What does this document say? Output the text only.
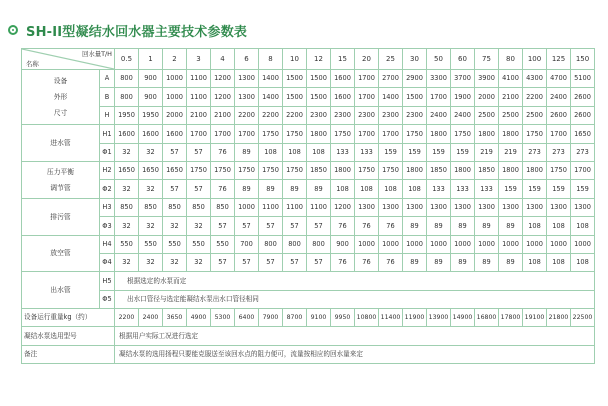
SH-II型凝结水回水器主要技术参数表
回水量T/H
名称		0.5	1	2	3	4	6	8	10	12	15	20	25	30	50	60	75	80	100	125	150

设备
外形
尺寸	A	800	900	1000	1100	1200	1300	1400	1500	1500	1600	1700	2700	2900	3300	3700	3900	4100	4300	4700	5100
	B	800	900	1000	1100	1200	1300	1400	1500	1500	1600	1700	1400	1500	1700	1900	2000	2100	2200	2400	2600
	H	1950	1950	2000	2100	2100	2200	2200	2200	2300	2300	2300	2300	2300	2400	2400	2500	2500	2500	2600	2600

进水管	H1	1600	1600	1600	1700	1700	1700	1750	1750	1800	1750	1700	1700	1750	1800	1750	1800	1800	1750	1700	1650
	Φ1	32	32	57	57	76	89	108	108	108	133	133	159	159	159	159	219	219	273	273	273

压力平衡
调节管	H2	1650	1650	1650	1750	1750	1750	1750	1750	1850	1800	1750	1750	1800	1850	1800	1850	1800	1800	1750	1700
	Φ2	32	32	57	57	76	89	89	89	89	108	108	108	108	133	133	133	159	159	159	159

排污管	H3	850	850	850	850	850	1000	1100	1100	1100	1200	1300	1300	1300	1300	1300	1300	1300	1300	1300	1300
	Φ3	32	32	32	32	57	57	57	57	57	76	76	76	89	89	89	89	89	108	108	108

放空管	H4	550	550	550	550	550	700	800	800	800	900	1000	1000	1000	1000	1000	1000	1000	1000	1000	1000
	Φ4	32	32	32	32	57	57	57	57	57	76	76	76	89	89	89	89	89	108	108	108
出水管	H5	根据选定的水泵而定																			
	Φ5	出水口管径与选定能凝结水泵出水口管径相同																			
设备运行重量kg（约）		2200	2400	3650	4900	5300	6400	7900	8700	9100	9950	10800	11400	11900	13900	14900	16800	17800	19100	21800	22500
凝结水泵选用型号		根据用户实际工况进行选定																			
备注		凝结水泵的选用扬程只要能克服送至该回水点的阻力便可，流量按相应的回水量来定																			
